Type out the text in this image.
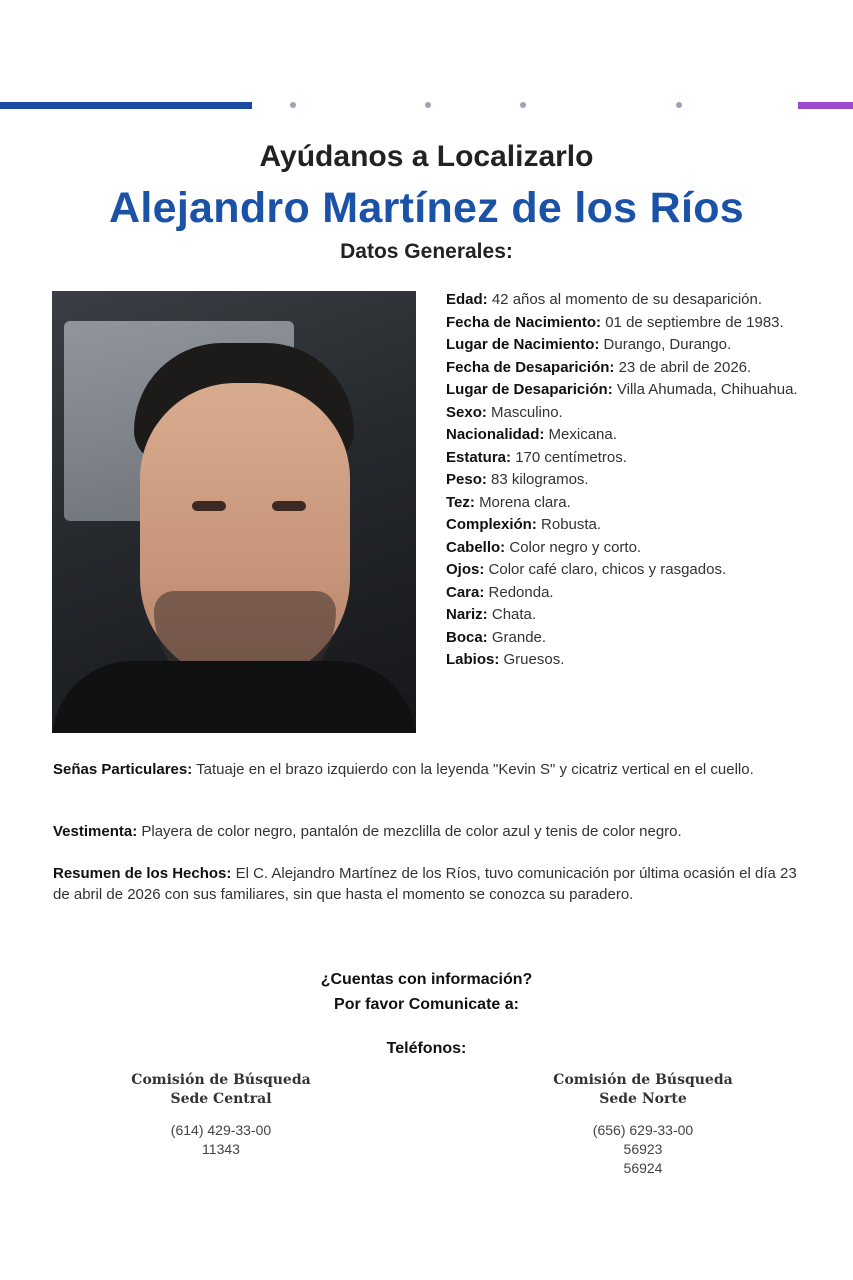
Ayúdanos a Localizarlo
Alejandro Martínez de los Ríos
Datos Generales:

Edad: 42 años al momento de su desaparición.

Fecha de Nacimiento: 01 de septiembre de 1983.

Lugar de Nacimiento: Durango, Durango.

Fecha de Desaparición: 23 de abril de 2026.

Lugar de Desaparición: Villa Ahumada, Chihuahua.

Sexo: Masculino.

Nacionalidad: Mexicana.

Estatura: 170 centímetros.

Peso: 83 kilogramos.

Tez: Morena clara.

Complexión: Robusta.

Cabello: Color negro y corto.

Ojos: Color café claro, chicos y rasgados.

Cara: Redonda.

Nariz: Chata.

Boca: Grande.

Labios: Gruesos.

Señas Particulares: Tatuaje en el brazo izquierdo con la leyenda "Kevin S" y cicatriz vertical en el cuello.
Vestimenta: Playera de color negro, pantalón de mezclilla de color azul y tenis de color negro.
Resumen de los Hechos: El C. Alejandro Martínez de los Ríos, tuvo comunicación por última ocasión el día 23 de abril de 2026 con sus familiares, sin que hasta el momento se conozca su paradero.
¿Cuentas con información?
Por favor Comunicate a:
Teléfonos:
Comisión de Búsqueda
Sede Central
(614) 429-33-00
11343
Comisión de Búsqueda
Sede Norte
(656) 629-33-00
56923
56924
